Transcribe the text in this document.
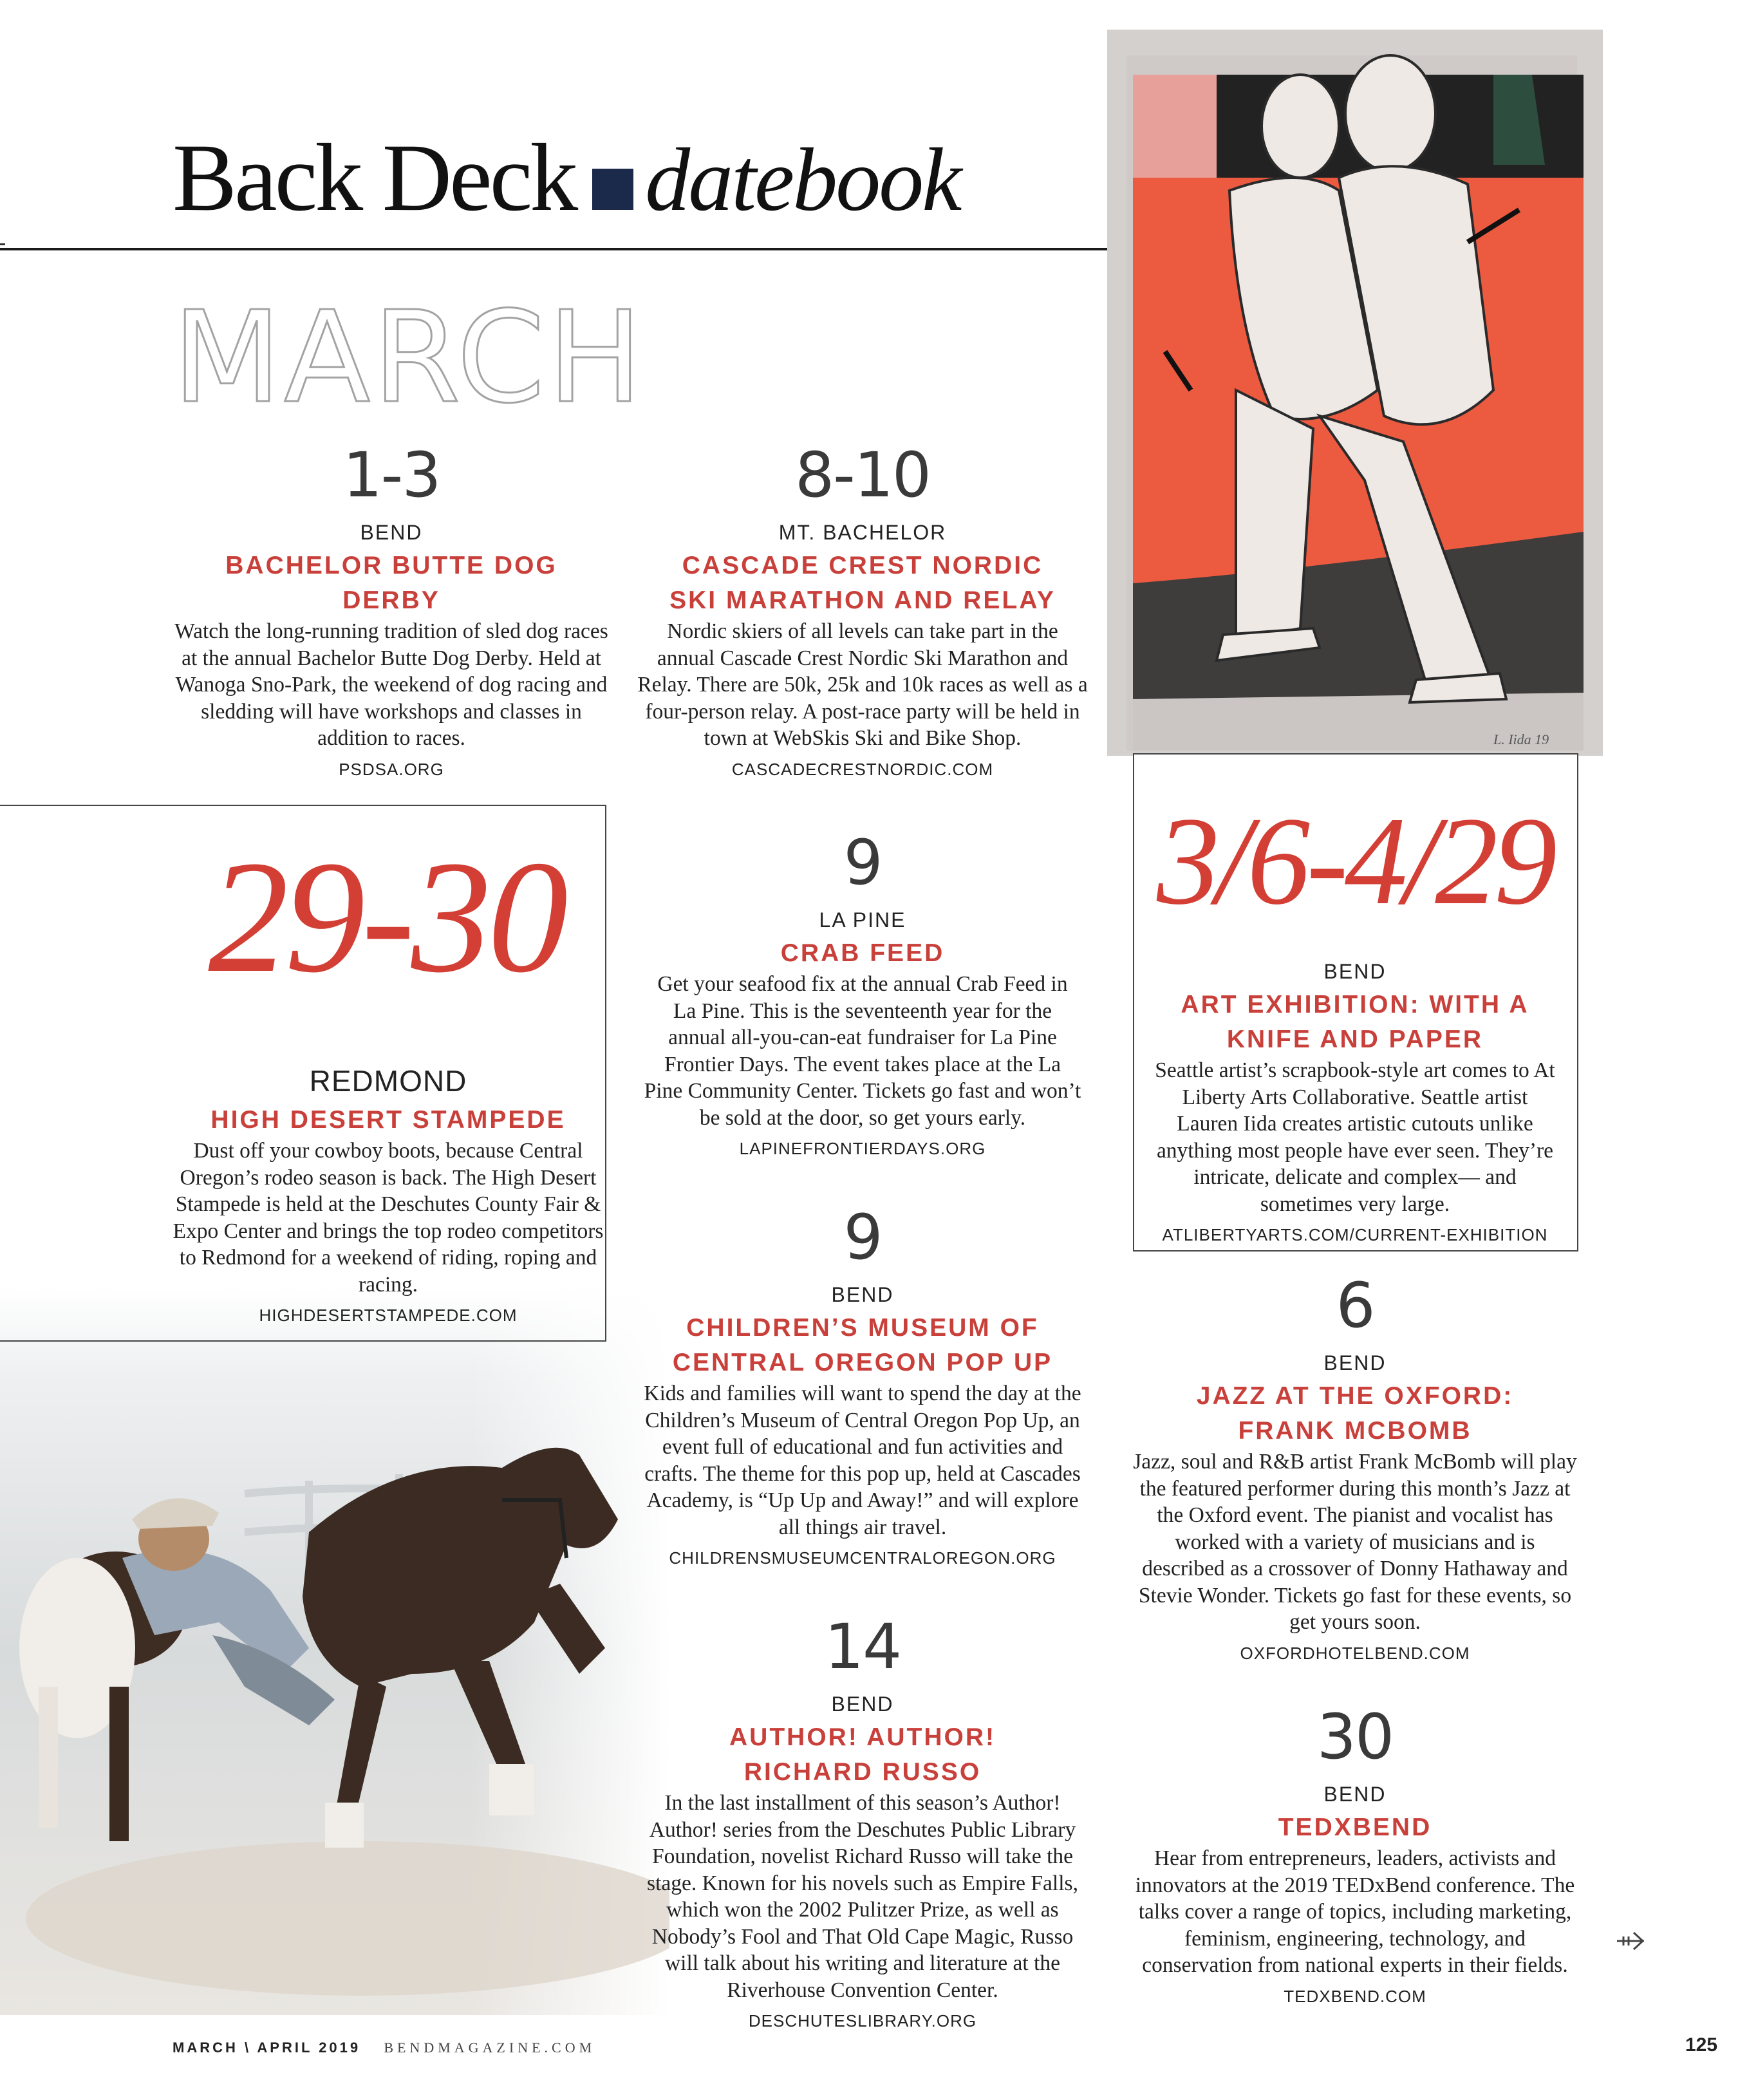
Back Deck datebook
MARCH
L. Iida 19
1-3
BEND
BACHELOR BUTTE DOG DERBY
Watch the long-running tradition of sled dog races at the annual Bachelor Butte Dog Derby. Held at Wanoga Sno-Park, the weekend of dog racing and sledding will have workshops and classes in addition to races.
PSDSA.ORG
8-10
MT. BACHELOR
CASCADE CREST NORDIC SKI MARATHON AND RELAY
Nordic skiers of all levels can take part in the annual Cascade Crest Nordic Ski Marathon and Relay. There are 50k, 25k and 10k races as well as a four-person relay. A post-race party will be held in town at WebSkis Ski and Bike Shop.
CASCADECRESTNORDIC.COM
29-30
REDMOND
HIGH DESERT STAMPEDE
Dust off your cowboy boots, because Central Oregon’s rodeo season is back. The High Desert Stampede is held at the Deschutes County Fair & Expo Center and brings the top rodeo competitors to Redmond for a weekend of riding, roping and racing.
HIGHDESERTSTAMPEDE.COM
9
LA PINE
CRAB FEED
Get your seafood fix at the annual Crab Feed in La Pine. This is the seventeenth year for the annual all-you-can-eat fundraiser for La Pine Frontier Days. The event takes place at the La Pine Community Center. Tickets go fast and won’t be sold at the door, so get yours early.
LAPINEFRONTIERDAYS.ORG
3/6-4/29
BEND
ART EXHIBITION: WITH A KNIFE AND PAPER
Seattle artist’s scrapbook-style art comes to At Liberty Arts Collaborative. Seattle artist Lauren Iida creates artistic cutouts unlike anything most people have ever seen. They’re intricate, delicate and complex— and sometimes very large.
ATLIBERTYARTS.COM/CURRENT-EXHIBITION
9
BEND
CHILDREN’S MUSEUM OF CENTRAL OREGON POP UP
Kids and families will want to spend the day at the Children’s Museum of Central Oregon Pop Up, an event full of educational and fun activities and crafts. The theme for this pop up, held at Cascades Academy, is “Up Up and Away!” and will explore all things air travel.
CHILDRENSMUSEUMCENTRALOREGON.ORG
6
BEND
JAZZ AT THE OXFORD: FRANK MCBOMB
Jazz, soul and R&B artist Frank McBomb will play the featured performer during this month’s Jazz at the Oxford event. The pianist and vocalist has worked with a variety of musicians and is described as a crossover of Donny Hathaway and Stevie Wonder. Tickets go fast for these events, so get yours soon.
OXFORDHOTELBEND.COM
14
BEND
AUTHOR! AUTHOR! RICHARD RUSSO
In the last installment of this season’s Author! Author! series from the Deschutes Public Library Foundation, novelist Richard Russo will take the stage. Known for his novels such as Empire Falls, which won the 2002 Pulitzer Prize, as well as Nobody’s Fool and That Old Cape Magic, Russo will talk about his writing and literature at the Riverhouse Convention Center.
DESCHUTESLIBRARY.ORG
30
BEND
TEDXBEND
Hear from entrepreneurs, leaders, activists and innovators at the 2019 TEDxBend conference. The talks cover a range of topics, including marketing, feminism, engineering, technology, and conservation from national experts in their fields.
TEDXBEND.COM
MARCH \ APRIL 2019 BENDMAGAZINE.COM	125
